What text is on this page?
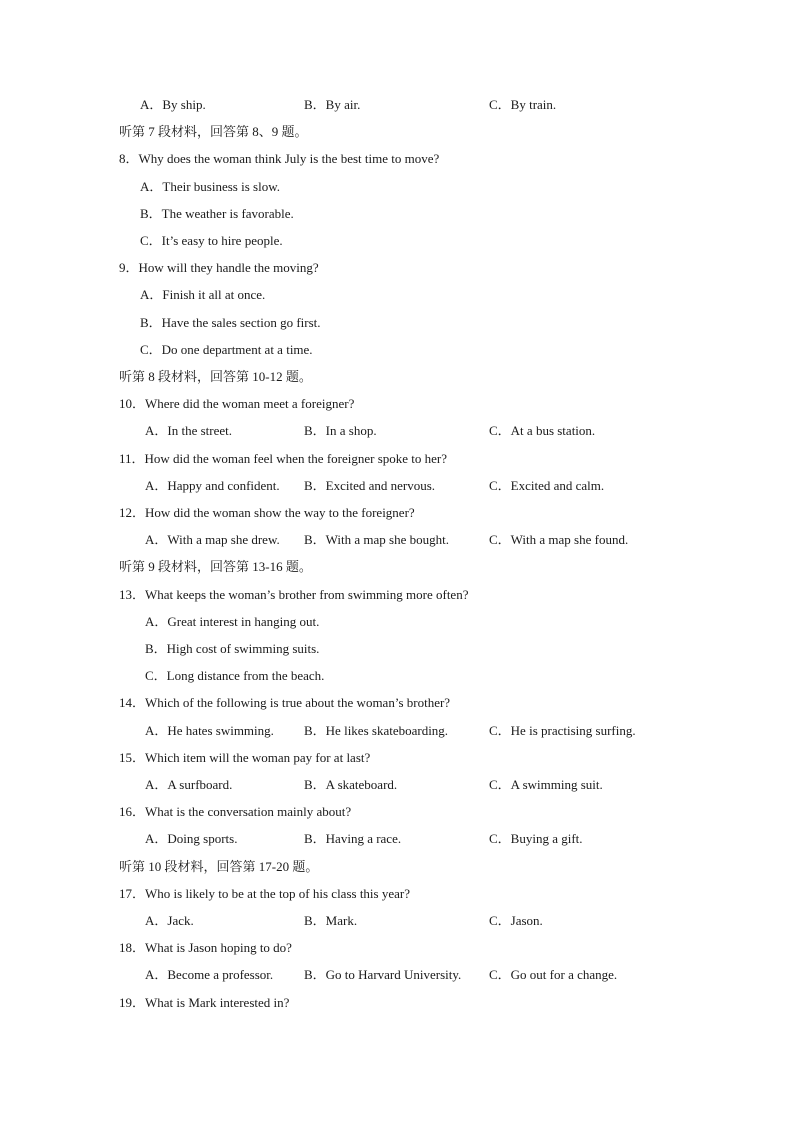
A．By ship.	B．By air.	C．By train.
听第 7 段材料，回答第 8、9 题。
8．Why does the woman think July is the best time to move?
A．Their business is slow.
B．The weather is favorable.
C．It’s easy to hire people.
9．How will they handle the moving?
A．Finish it all at once.
B．Have the sales section go first.
C．Do one department at a time.
听第 8 段材料，回答第 10-12 题。
10．Where did the woman meet a foreigner?
A．In the street.	B．In a shop.	C．At a bus station.
11．How did the woman feel when the foreigner spoke to her?
A．Happy and confident. B．Excited and nervous.	C．Excited and calm.
12．How did the woman show the way to the foreigner?
A．With a map she drew. B．With a map she bought.	C．With a map she found.
听第 9 段材料，回答第 13-16 题。
13．What keeps the woman’s brother from swimming more often?
A．Great interest in hanging out.
B．High cost of swimming suits.
C．Long distance from the beach.
14．Which of the following is true about the woman’s brother?
A．He hates swimming. B．He likes skateboarding.	C．He is practising surfing.
15．Which item will the woman pay for at last?
A．A surfboard.	B．A skateboard.	C．A swimming suit.
16．What is the conversation mainly about?
A．Doing sports.	B．Having a race.	C．Buying a gift.
听第 10 段材料，回答第 17-20 题。
17．Who is likely to be at the top of his class this year?
A．Jack.	B．Mark.	C．Jason.
18．What is Jason hoping to do?
A．Become a professor. B．Go to Harvard University. C．Go out for a change.
19．What is Mark interested in?
